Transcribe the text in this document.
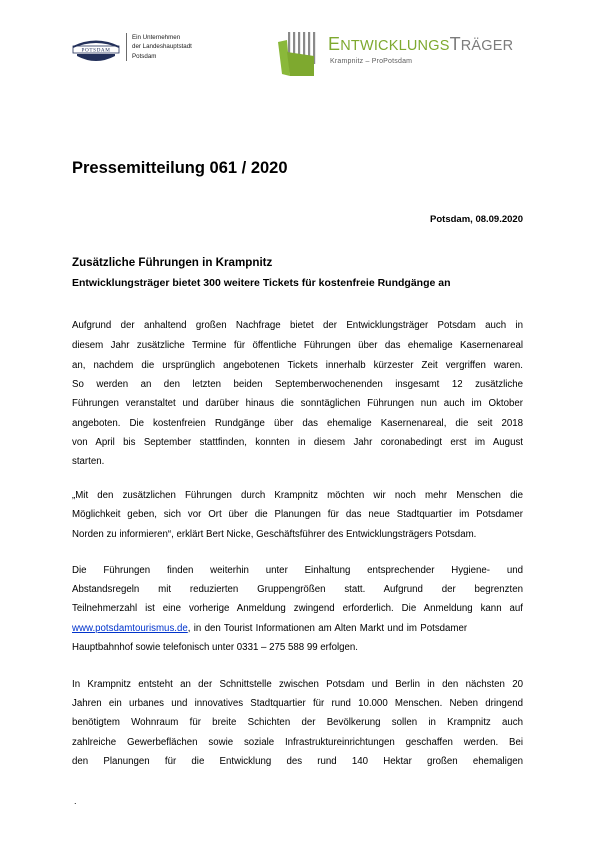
POTSDAM
Ein Unternehmen
der Landeshauptstadt
Potsdam
ENTWICKLUNGSTRÄGER
Krampnitz – ProPotsdam
Pressemitteilung 061 / 2020
Potsdam, 08.09.2020
Zusätzliche Führungen in Krampnitz
Entwicklungsträger bietet 300 weitere Tickets für kostenfreie Rundgänge an
Aufgrund der anhaltend großen Nachfrage bietet der Entwicklungsträger Potsdam auch in
diesem Jahr zusätzliche Termine für öffentliche Führungen über das ehemalige Kasernenareal
an, nachdem die ursprünglich angebotenen Tickets innerhalb kürzester Zeit vergriffen waren.
So werden an den letzten beiden Septemberwochenenden insgesamt 12 zusätzliche
Führungen veranstaltet und darüber hinaus die sonntäglichen Führungen nun auch im Oktober
angeboten. Die kostenfreien Rundgänge über das ehemalige Kasernenareal, die seit 2018
von April bis September stattfinden, konnten in diesem Jahr coronabedingt erst im August
starten.
„Mit den zusätzlichen Führungen durch Krampnitz möchten wir noch mehr Menschen die
Möglichkeit geben, sich vor Ort über die Planungen für das neue Stadtquartier im Potsdamer
Norden zu informieren“, erklärt Bert Nicke, Geschäftsführer des Entwicklungsträgers Potsdam.
Die Führungen finden weiterhin unter Einhaltung entsprechender Hygiene- und
Abstandsregeln mit reduzierten Gruppengrößen statt. Aufgrund der begrenzten
Teilnehmerzahl ist eine vorherige Anmeldung zwingend erforderlich. Die Anmeldung kann auf
www.potsdamtourismus.de, in den Tourist Informationen am Alten Markt und im Potsdamer
Hauptbahnhof sowie telefonisch unter 0331 – 275 588 99 erfolgen.
In Krampnitz entsteht an der Schnittstelle zwischen Potsdam und Berlin in den nächsten 20
Jahren ein urbanes und innovatives Stadtquartier für rund 10.000 Menschen. Neben dringend
benötigtem Wohnraum für breite Schichten der Bevölkerung sollen in Krampnitz auch
zahlreiche Gewerbeflächen sowie soziale Infrastruktureinrichtungen geschaffen werden. Bei
den Planungen für die Entwicklung des rund 140 Hektar großen ehemaligen
.
